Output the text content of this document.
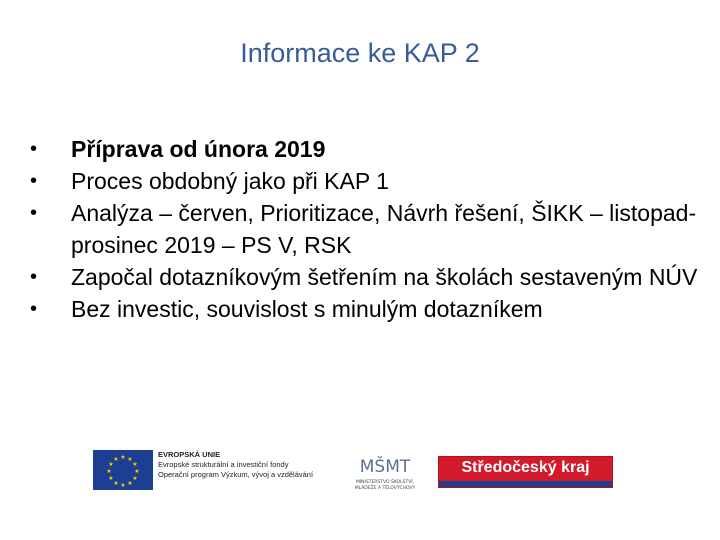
Informace ke KAP 2
•	Příprava od února 2019
•	Proces obdobný jako při KAP 1
•	Analýza – červen, Prioritizace, Návrh řešení, ŠIKK – listopad- prosinec 2019 – PS V, RSK
•	Započal dotazníkovým šetřením na školách sestaveným NÚV
•	Bez investic, souvislost s minulým dotazníkem
★ ★
★
★
★
★
★
★
★
★
★
★
EVROPSKÁ UNIE
Evropské strukturální a investiční fondy
Operační program Výzkum, vývoj a vzdělávání	MŠMT
MINISTERSTVO ŠKOLSTVÍ,
MLÁDEŽE A TĚLOVÝCHOVY
Středočeský kraj
